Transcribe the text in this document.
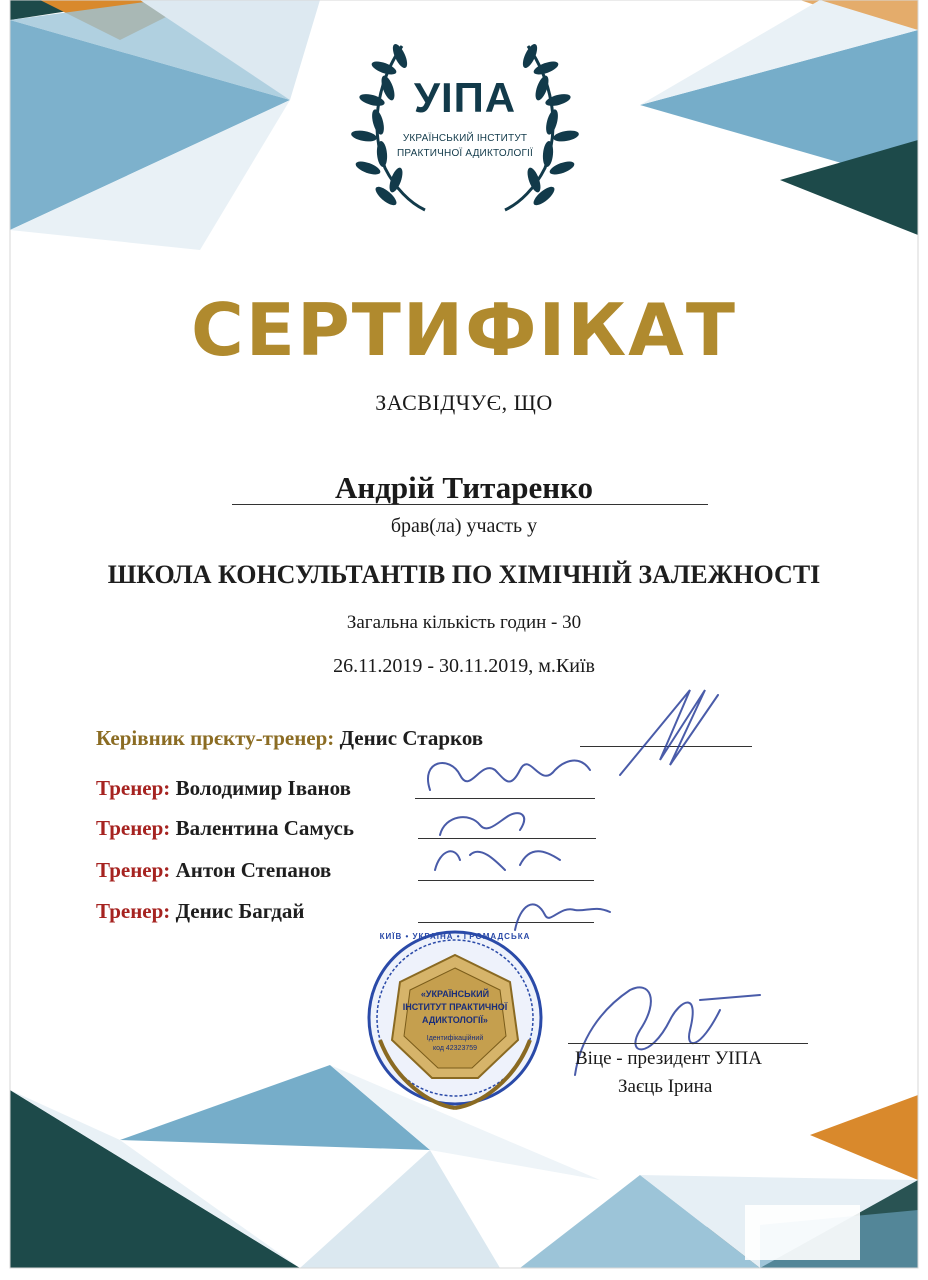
УІПА
УКРАЇНСЬКИЙ ІНСТИТУТ
ПРАКТИЧНОЇ АДИКТОЛОГІЇ
СЕРТИФІКАТ
ЗАСВІДЧУЄ, ЩО
Андрій Титаренко
брав(ла) участь у
ШКОЛА КОНСУЛЬТАНТІВ ПО ХІМІЧНІЙ ЗАЛЕЖНОСТІ
Загальна кількість годин - 30
26.11.2019 - 30.11.2019, м.Київ
Керівник прєкту-тренер: Денис Старков
Тренер: Володимир Іванов
Тренер: Валентина Самусь
Тренер: Антон Степанов
Тренер: Денис Багдай
КИЇВ • УКРАЇНА • ГРОМАДСЬКА
«УКРАЇНСЬКИЙ
ІНСТИТУТ ПРАКТИЧНОЇ
АДИКТОЛОГІЇ»
Ідентифікаційний
код 42323759	Віце - президент УІПА
Заєць Ірина
